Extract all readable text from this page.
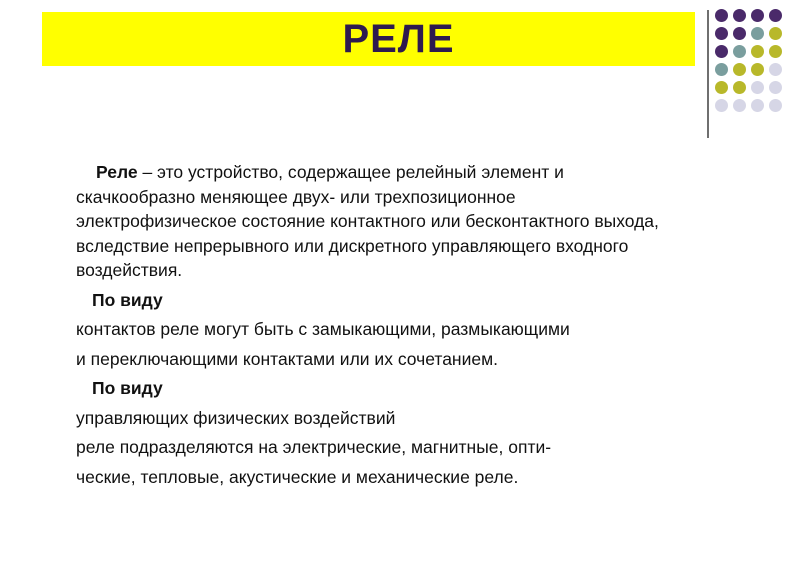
РЕЛЕ
Реле – это устройство, содержащее релейный элемент и
скачкообразно меняющее двух- или трехпозиционное
электрофизическое состояние контактного или бесконтактного выхода,
вследствие непрерывного или дискретного управляющего входного
воздействия.
По виду
контактов реле могут быть с замыкающими, размыкающими
и переключающими контактами или их сочетанием.
По виду
управляющих физических воздействий
реле подразделяются на электрические, магнитные, опти-
ческие, тепловые, акустические и механические реле.
